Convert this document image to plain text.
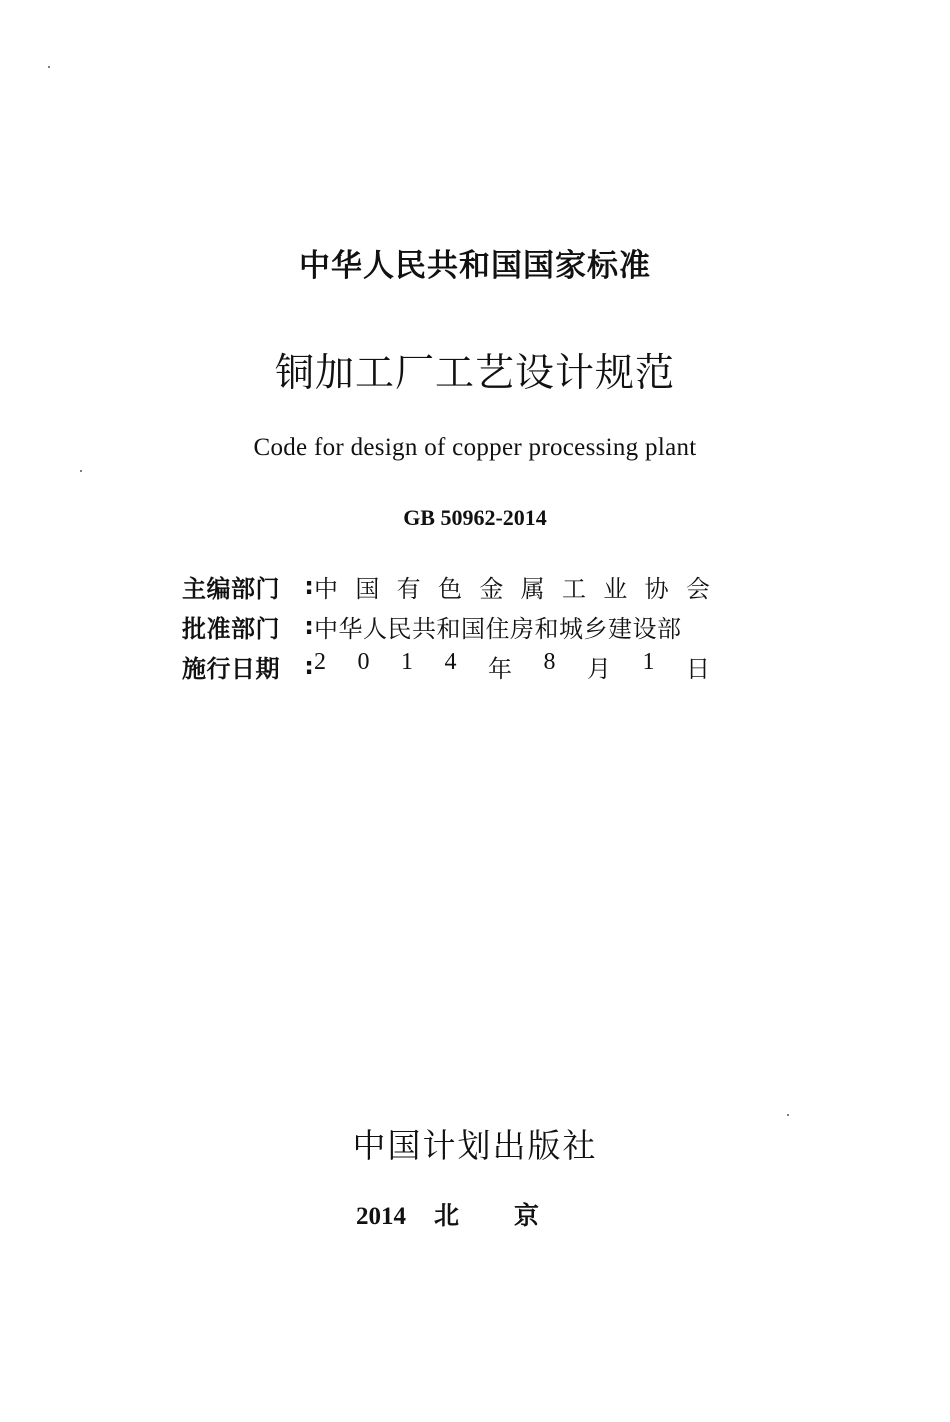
中华人民共和国国家标准
铜加工厂工艺设计规范
Code for design of copper processing plant
GB 50962-2014
主编部门	: 中 国 有 色 金 属 工 业 协 会
批准部门	: 中华人民共和国住房和城乡建设部
施行日期	: 2 0 1 4 年 8 月 1 日
中国计划出版社
2014 北京
